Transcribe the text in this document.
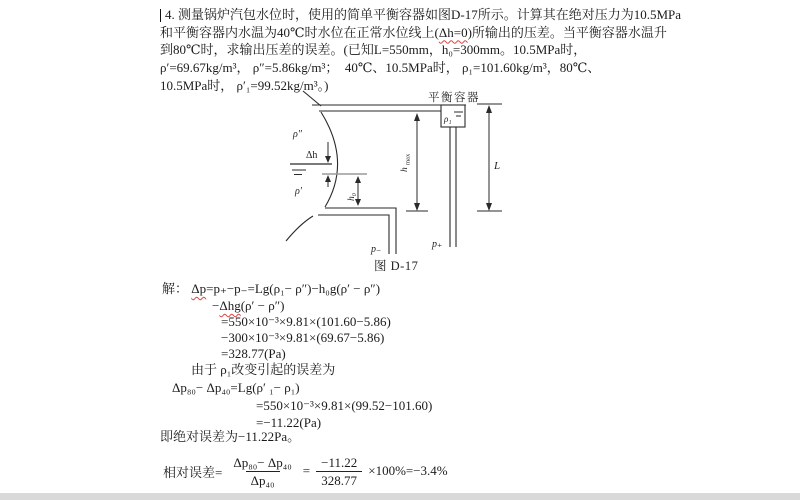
4. 测量锅炉汽包水位时，使用的简单平衡容器如图D-17所示。计算其在绝对压力为10.5MPa
和平衡容器内水温为40℃时水位在正常水位线上(Δh=0)所输出的压差。当平衡容器水温升
到80℃时，求输出压差的误差。(已知L=550mm，h₀=300mm。10.5MPa时，
ρ′=69.67kg/m³， ρ″=5.86kg/m³；  40℃、10.5MPa时， ρ₁=101.60kg/m³，80℃、
10.5MPa时， ρ′₁=99.52kg/m³。)
平衡容器
ρ″
Δh
ρ′
ρ₁
h₀
h
max
L
p₋	p₊
图 D-17
解： Δp=p₊−p₋=Lg(ρ₁− ρ″)−h₀g(ρ′ − ρ″)
−Δhg(ρ′ − ρ″)
=550×10⁻³×9.81×(101.60−5.86)
−300×10⁻³×9.81×(69.67−5.86)
=328.77(Pa)
由于 ρ₁改变引起的误差为
Δp₈₀− Δp₄₀=Lg(ρ′ ₁− ρ₁)
=550×10⁻³×9.81×(99.52−101.60)
=−11.22(Pa)
即绝对误差为−11.22Pa。
相对误差= $\frac{\text{Δp₈₀− Δp₄₀}}{\text{Δp₄₀}} = \frac{-11.22}{328.77} \times 100\%=-3.4\%$
